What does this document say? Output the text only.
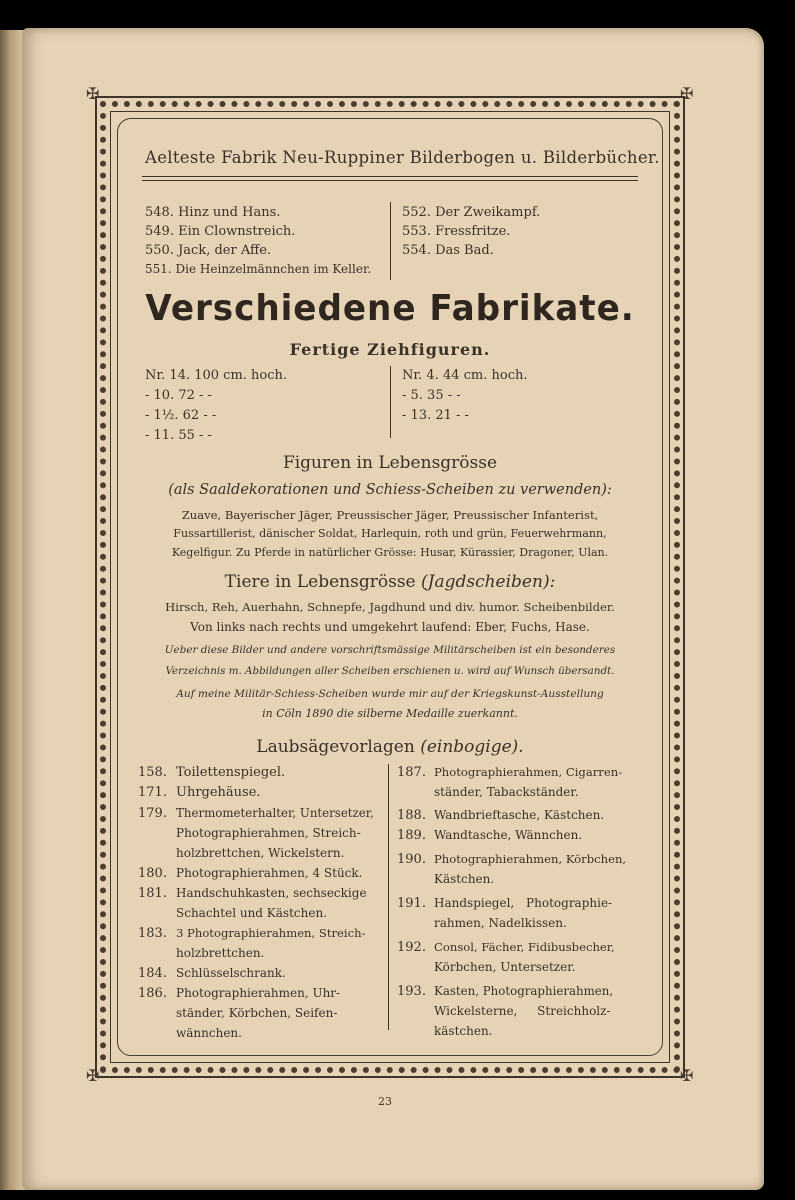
✠	✠
✠	✠
Aelteste Fabrik Neu-Ruppiner Bilderbogen u. Bilderbücher.
548. Hinz und Hans.
549. Ein Clownstreich.
550. Jack, der Affe.
551. Die Heinzelmännchen im Keller.
552. Der Zweikampf.
553. Fressfritze.
554. Das Bad.
Verschiedene Fabrikate.
Fertige Ziehfiguren.
Nr. 14. 100 cm. hoch.
- 10. 72 - -
- 1½. 62 - -
- 11. 55 - -
Nr. 4. 44 cm. hoch.
- 5. 35 - -
- 13. 21 - -
Figuren in Lebensgrösse
(als Saaldekorationen und Schiess-Scheiben zu verwenden):
Zuave, Bayerischer Jäger, Preussischer Jäger, Preussischer Infanterist,
Fussartillerist, dänischer Soldat, Harlequin, roth und grün, Feuerwehrmann,
Kegelfigur. Zu Pferde in natürlicher Grösse: Husar, Kürassier, Dragoner, Ulan.
Tiere in Lebensgrösse (Jagdscheiben):
Hirsch, Reh, Auerhahn, Schnepfe, Jagdhund und div. humor. Scheibenbilder.
Von links nach rechts und umgekehrt laufend: Eber, Fuchs, Hase.
Ueber diese Bilder und andere vorschriftsmässige Militärscheiben ist ein besonderes
Verzeichnis m. Abbildungen aller Scheiben erschienen u. wird auf Wunsch übersandt.
Auf meine Militär-Schiess-Scheiben wurde mir auf der Kriegskunst-Ausstellung
in Cöln 1890 die silberne Medaille zuerkannt.
Laubsägevorlagen (einbogige).
158. Toilettenspiegel.
171. Uhrgehäuse.
179. Thermometerhalter, Untersetzer,
Photographierahmen, Streich-
holzbrettchen, Wickelstern.
180. Photographierahmen, 4 Stück.
181. Handschuhkasten, sechseckige
Schachtel und Kästchen.
183. 3 Photographierahmen, Streich-
holzbrettchen.
184. Schlüsselschrank.
186. Photographierahmen, Uhr-
ständer, Körbchen, Seifen-
wännchen.
187. Photographierahmen, Cigarren-
ständer, Tabackständer.
188. Wandbrieftasche, Kästchen.
189. Wandtasche, Wännchen.
190. Photographierahmen, Körbchen,
Kästchen.
191. Handspiegel, Photographie-
rahmen, Nadelkissen.
192. Consol, Fächer, Fidibusbecher,
Körbchen, Untersetzer.
193. Kasten, Photographierahmen,
Wickelsterne, Streichholz-
kästchen.
23
